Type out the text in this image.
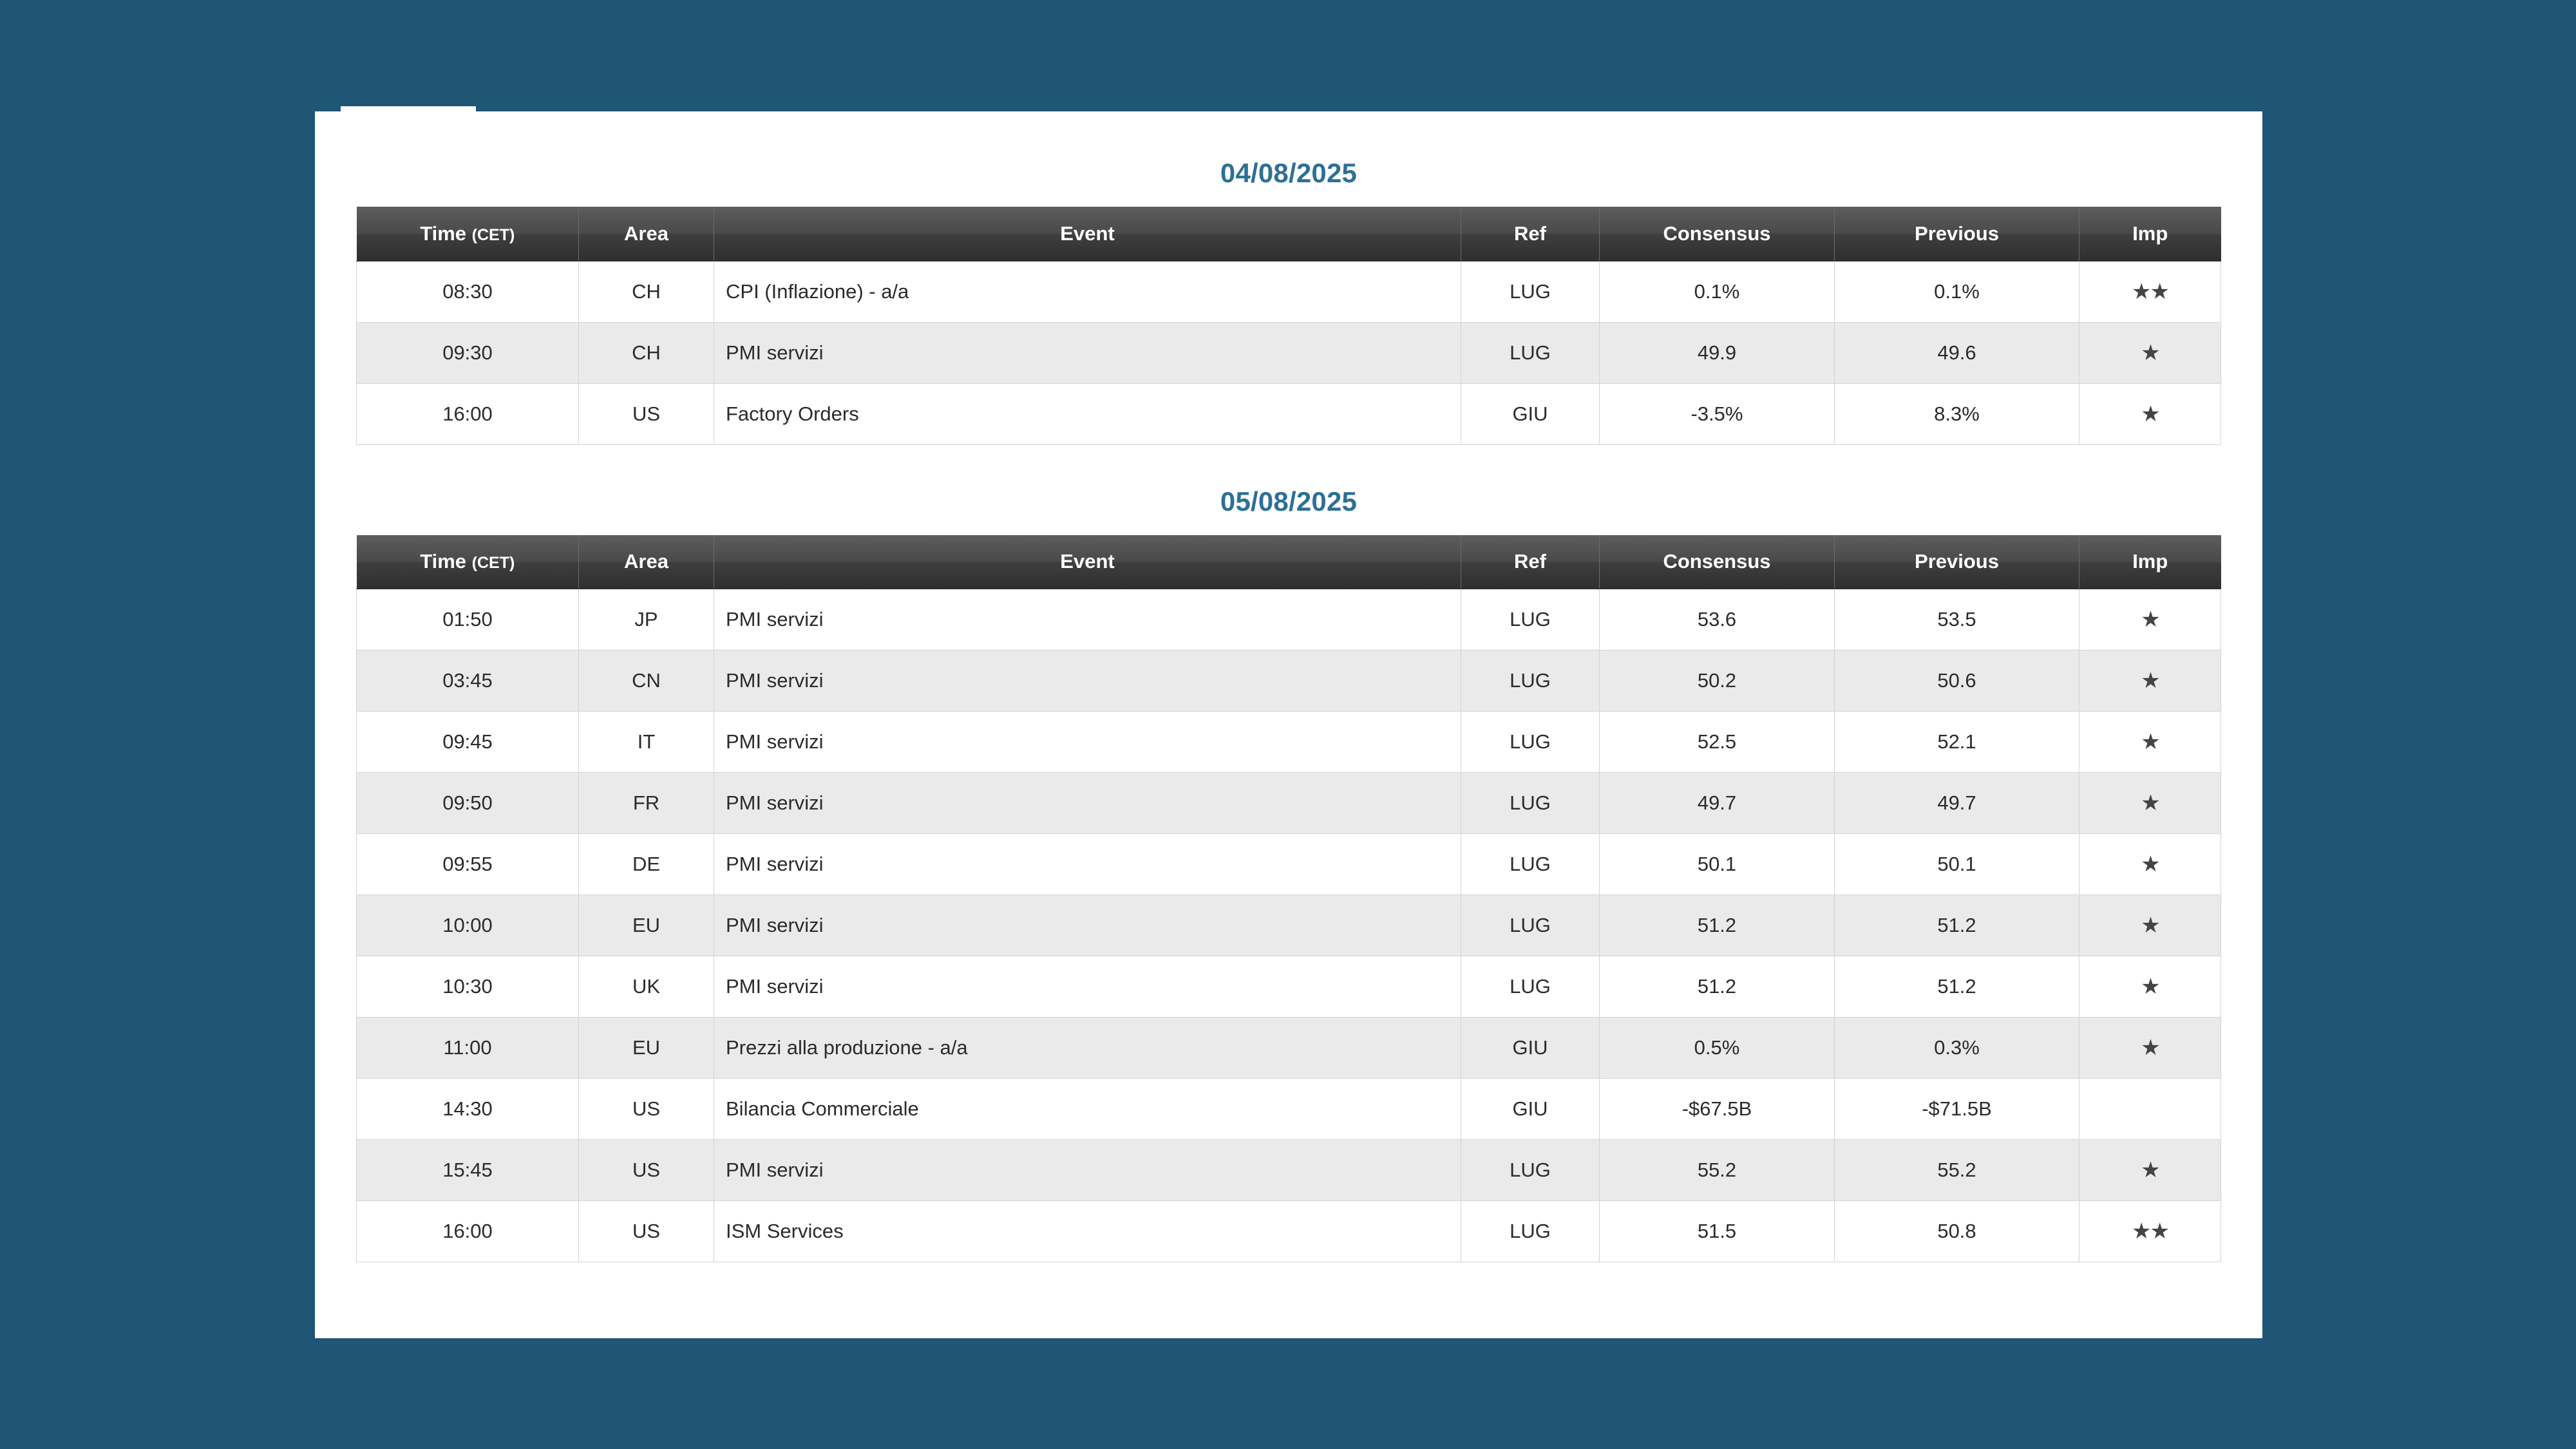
04/08/2025
Time (CET)	Area	Event	Ref	Consensus	Previous	Imp
08:30	CH	CPI (Inflazione) - a/a	LUG	0.1%	0.1%	★★
09:30	CH	PMI servizi	LUG	49.9	49.6	★
16:00	US	Factory Orders	GIU	-3.5%	8.3%	★
05/08/2025
Time (CET)	Area	Event	Ref	Consensus	Previous	Imp
01:50	JP	PMI servizi	LUG	53.6	53.5	★
03:45	CN	PMI servizi	LUG	50.2	50.6	★
09:45	IT	PMI servizi	LUG	52.5	52.1	★
09:50	FR	PMI servizi	LUG	49.7	49.7	★
09:55	DE	PMI servizi	LUG	50.1	50.1	★
10:00	EU	PMI servizi	LUG	51.2	51.2	★
10:30	UK	PMI servizi	LUG	51.2	51.2	★
11:00	EU	Prezzi alla produzione - a/a	GIU	0.5%	0.3%	★
14:30	US	Bilancia Commerciale	GIU	-$67.5B	-$71.5B	
15:45	US	PMI servizi	LUG	55.2	55.2	★
16:00	US	ISM Services	LUG	51.5	50.8	★★
